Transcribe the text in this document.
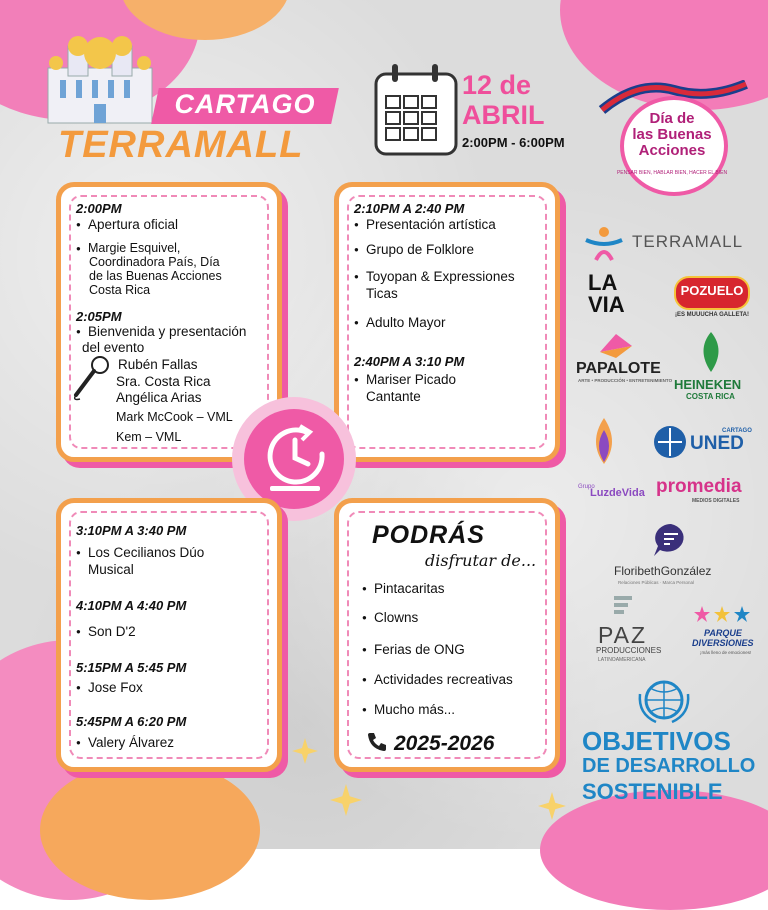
CARTAGO
TERRAMALL
12 de
ABRIL
2:00PM - 6:00PM
Día de
las Buenas
Acciones
PENSAR BIEN, HABLAR BIEN, HACER EL BIEN
2:00PM
● Apertura oficial
● Margie Esquivel,
Coordinadora País, Día
de las Buenas Acciones
Costa Rica
2:05PM
● Bienvenida y presentación
del evento
Rubén Fallas
Sra. Costa Rica
Angélica Arias
Mark McCook – VML
Kem – VML
2:10PM A 2:40 PM
● Presentación artística
● Grupo de Folklore
● Toyopan & Expressiones
Ticas
● Adulto Mayor
2:40PM A 3:10 PM
● Mariser Picado
Cantante
3:10PM A 3:40 PM
● Los Cecilianos Dúo
Musical
4:10PM A 4:40 PM
● Son D'2
5:15PM A 5:45 PM
● Jose Fox
5:45PM A 6:20 PM
● Valery Álvarez
PODRÁS
disfrutar de...
● Pintacaritas
● Clowns
● Ferias de ONG
● Actividades recreativas
● Mucho más...
2025-2026
TERRAMALL
LA VIA
POZUELO
¡ES MUUUCHA GALLETA!
PAPALOTE
ARTE • PRODUCCIÓN • ENTRETENIMIENTO HEINEKEN
COSTA RICA
Grupo
LuzdeVida
CARTAGO
UNED
promedia
MEDIOS DIGITALES
FloribethGonzález
Relaciones Públicas · Marca Personal
PAZ
PRODUCCIONES
LATINOAMERICANA
PARQUE
DIVERSIONES
¡más lleno de emociones!
OBJETIVOS
DE DESARROLLO
SOSTENIBLE
